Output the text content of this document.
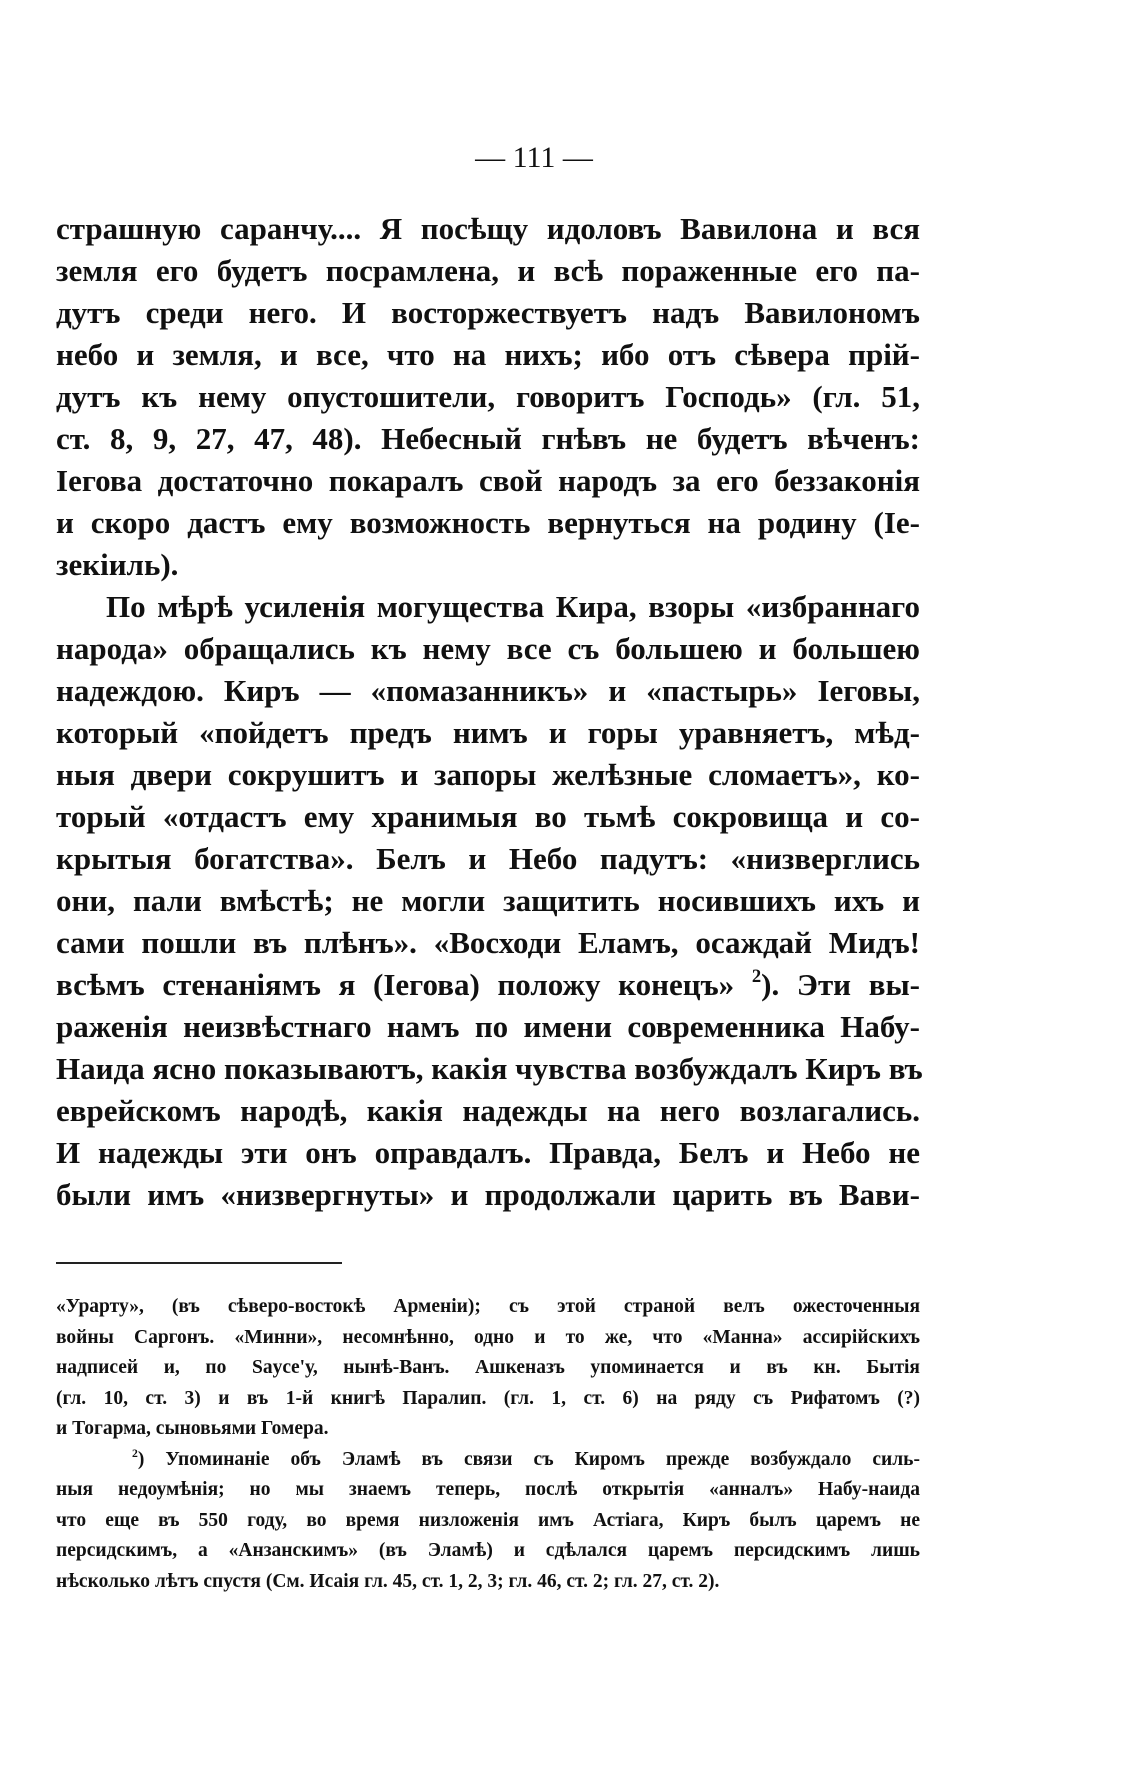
— 111 —
страшную саранчу.... Я посѣщу идоловъ Вавилона и вся
земля его будетъ посрамлена, и всѣ пораженные его па-
дутъ среди него. И восторжествуетъ надъ Вавилономъ
небо и земля, и все, что на нихъ; ибо отъ сѣвера прій-
дутъ къ нему опустошители, говоритъ Господь» (гл. 51,
ст. 8, 9, 27, 47, 48). Небесный гнѣвъ не будетъ вѣченъ:
Іегова достаточно покаралъ свой народъ за его беззаконія
и скоро дастъ ему возможность вернуться на родину (Іе-
зекіиль).
По мѣрѣ усиленія могущества Кира, взоры «избраннаго
народа» обращались къ нему все съ большею и большею
надеждою. Киръ — «помазанникъ» и «пастырь» Іеговы,
который «пойдетъ предъ нимъ и горы уравняетъ, мѣд-
ныя двери сокрушитъ и запоры желѣзные сломаетъ», ко-
торый «отдастъ ему хранимыя во тьмѣ сокровища и со-
крытыя богатства». Белъ и Небо падутъ: «низверглись
они, пали вмѣстѣ; не могли защитить носившихъ ихъ и
сами пошли въ плѣнъ». «Восходи Еламъ, осаждай Мидъ!
всѣмъ стенаніямъ я (Іегова) положу конецъ» $^2$). Эти вы-
раженія неизвѣстнаго намъ по имени современника Набу-
Наида ясно показываютъ, какія чувства возбуждалъ Киръ въ
еврейскомъ народѣ, какія надежды на него возлагались.
И надежды эти онъ оправдалъ. Правда, Белъ и Небо не
были имъ «низвергнуты» и продолжали царить въ Вави-
«Урарту», (въ сѣверо-востокѣ Арменіи); съ этой страной велъ ожесточенныя
войны Саргонъ. «Минни», несомнѣнно, одно и то же, что «Манна» ассирійскихъ
надписей и, по Sayce'у, нынѣ-Ванъ. Ашкеназъ упоминается и въ кн. Бытія
(гл. 10, ст. 3) и въ 1-й книгѣ Паралип. (гл. 1, ст. 6) на ряду съ Рифатомъ (?)
и Тогарма, сыновьями Гомера.
$^2$) Упоминаніе объ Эламѣ въ связи съ Киромъ прежде возбуждало силь-
ныя недоумѣнія; но мы знаемъ теперь, послѣ открытія «анналъ» Набу-наида
что еще въ 550 году, во время низложенія имъ Астіага, Киръ былъ царемъ не
персидскимъ, а «Анзанскимъ» (въ Эламѣ) и сдѣлался царемъ персидскимъ лишь
нѣсколько лѣтъ спустя (См. Исаія гл. 45, ст. 1, 2, 3; гл. 46, ст. 2; гл. 27, ст. 2).
